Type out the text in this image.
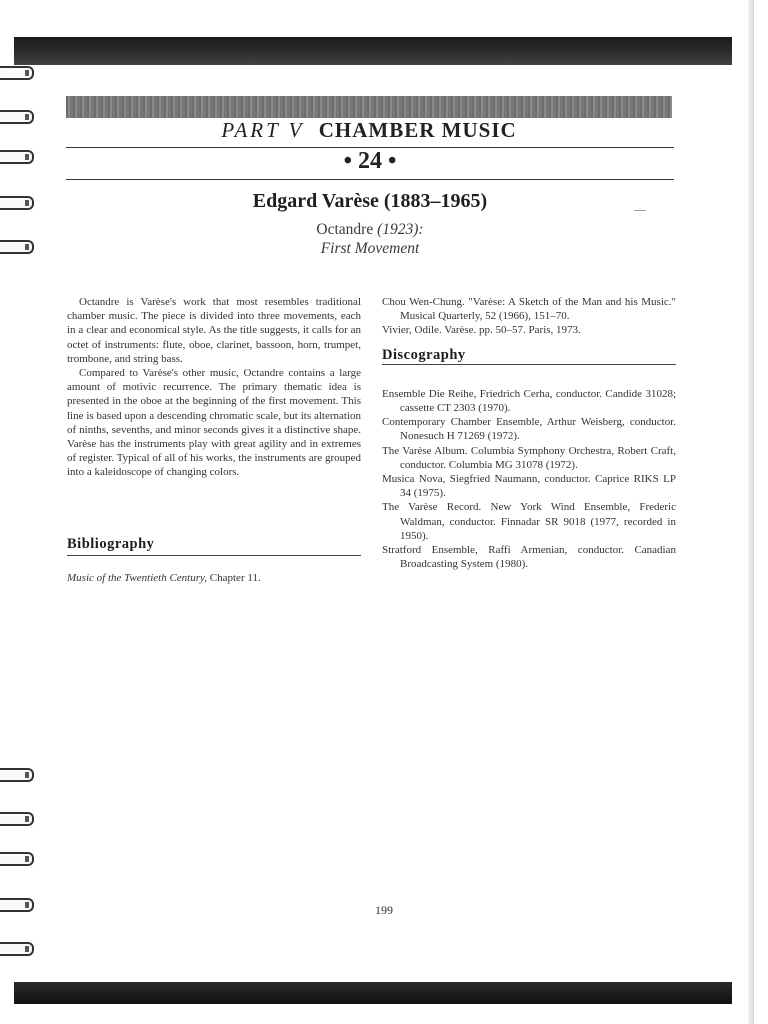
PART V CHAMBER MUSIC
• 24 •
Edgard Varèse (1883–1965)
Octandre (1923):
First Movement

Octandre is Varèse's work that most resembles traditional chamber music. The piece is divided into three movements, each in a clear and economical style. As the title suggests, it calls for an octet of instruments: flute, oboe, clarinet, bassoon, horn, trumpet, trombone, and string bass.

Compared to Varèse's other music, Octandre contains a large amount of motivic recurrence. The primary thematic idea is presented in the oboe at the beginning of the first movement. This line is based upon a descending chromatic scale, but its alternation of ninths, sevenths, and minor seconds gives it a distinctive shape. Varèse has the instruments play with great agility and in extremes of register. Typical of all of his works, the instruments are grouped into a kaleidoscope of changing colors.

Bibliography
Music of the Twentieth Century, Chapter 11.

Chou Wen-Chung. "Varèse: A Sketch of the Man and his Music." Musical Quarterly, 52 (1966), 151–70.

Vivier, Odile. Varèse. pp. 50–57. Paris, 1973.

Discography

Ensemble Die Reihe, Friedrich Cerha, conductor. Candide 31028; cassette CT 2303 (1970).

Contemporary Chamber Ensemble, Arthur Weisberg, conductor. Nonesuch H 71269 (1972).

The Varèse Album. Columbia Symphony Orchestra, Robert Craft, conductor. Columbia MG 31078 (1972).

Musica Nova, Siegfried Naumann, conductor. Caprice RIKS LP 34 (1975).

The Varèse Record. New York Wind Ensemble, Frederic Waldman, conductor. Finnadar SR 9018 (1977, recorded in 1950).

Stratford Ensemble, Raffi Armenian, conductor. Canadian Broadcasting System (1980).

199
